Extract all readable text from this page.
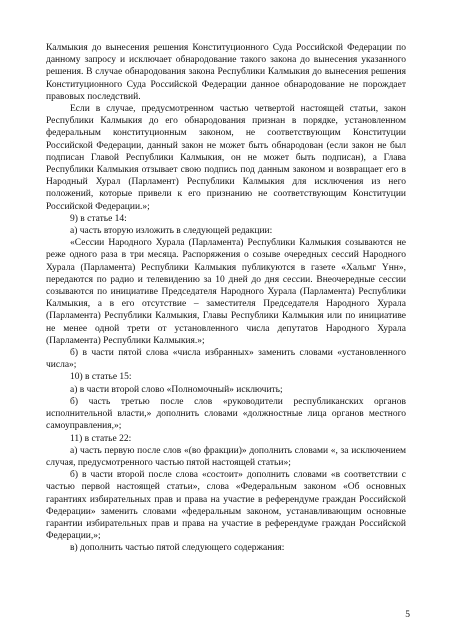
Калмыкия до вынесения решения Конституционного Суда Российской Федерации по данному запросу и исключает обнародование такого закона до вынесения указанного решения. В случае обнародования закона Республики Калмыкия до вынесения решения Конституционного Суда Российской Федерации данное обнародование не порождает правовых последствий.

Если в случае, предусмотренном частью четвертой настоящей статьи, закон Республики Калмыкия до его обнародования признан в порядке, установленном федеральным конституционным законом, не соответствующим Конституции Российской Федерации, данный закон не может быть обнародован (если закон не был подписан Главой Республики Калмыкия, он не может быть подписан), а Глава Республики Калмыкия отзывает свою подпись под данным законом и возвращает его в Народный Хурал (Парламент) Республики Калмыкия для исключения из него положений, которые привели к его признанию не соответствующим Конституции Российской Федерации.»;

9) в статье 14:

а) часть вторую изложить в следующей редакции:

«Сессии Народного Хурала (Парламента) Республики Калмыкия созываются не реже одного раза в три месяца. Распоряжения о созыве очередных сессий Народного Хурала (Парламента) Республики Калмыкия публикуются в газете «Хальмг Үнн», передаются по радио и телевидению за 10 дней до дня сессии. Внеочередные сессии созываются по инициативе Председателя Народного Хурала (Парламента) Республики Калмыкия, а в его отсутствие – заместителя Председателя Народного Хурала (Парламента) Республики Калмыкия, Главы Республики Калмыкия или по инициативе не менее одной трети от установленного числа депутатов Народного Хурала (Парламента) Республики Калмыкия.»;

б) в части пятой слова «числа избранных» заменить словами «установленного числа»;

10) в статье 15:

а) в части второй слово «Полномочный» исключить;

б) часть третью после слов «руководители республиканских органов исполнительной власти,» дополнить словами «должностные лица органов местного самоуправления,»;

11) в статье 22:

а) часть первую после слов «(во фракции)» дополнить словами «, за исключением случая, предусмотренного частью пятой настоящей статьи»;

б) в части второй после слова «состоит» дополнить словами «в соответствии с частью первой настоящей статьи», слова «Федеральным законом «Об основных гарантиях избирательных прав и права на участие в референдуме граждан Российской Федерации» заменить словами «федеральным законом, устанавливающим основные гарантии избирательных прав и права на участие в референдуме граждан Российской Федерации,»;

в) дополнить частью пятой следующего содержания:

5
